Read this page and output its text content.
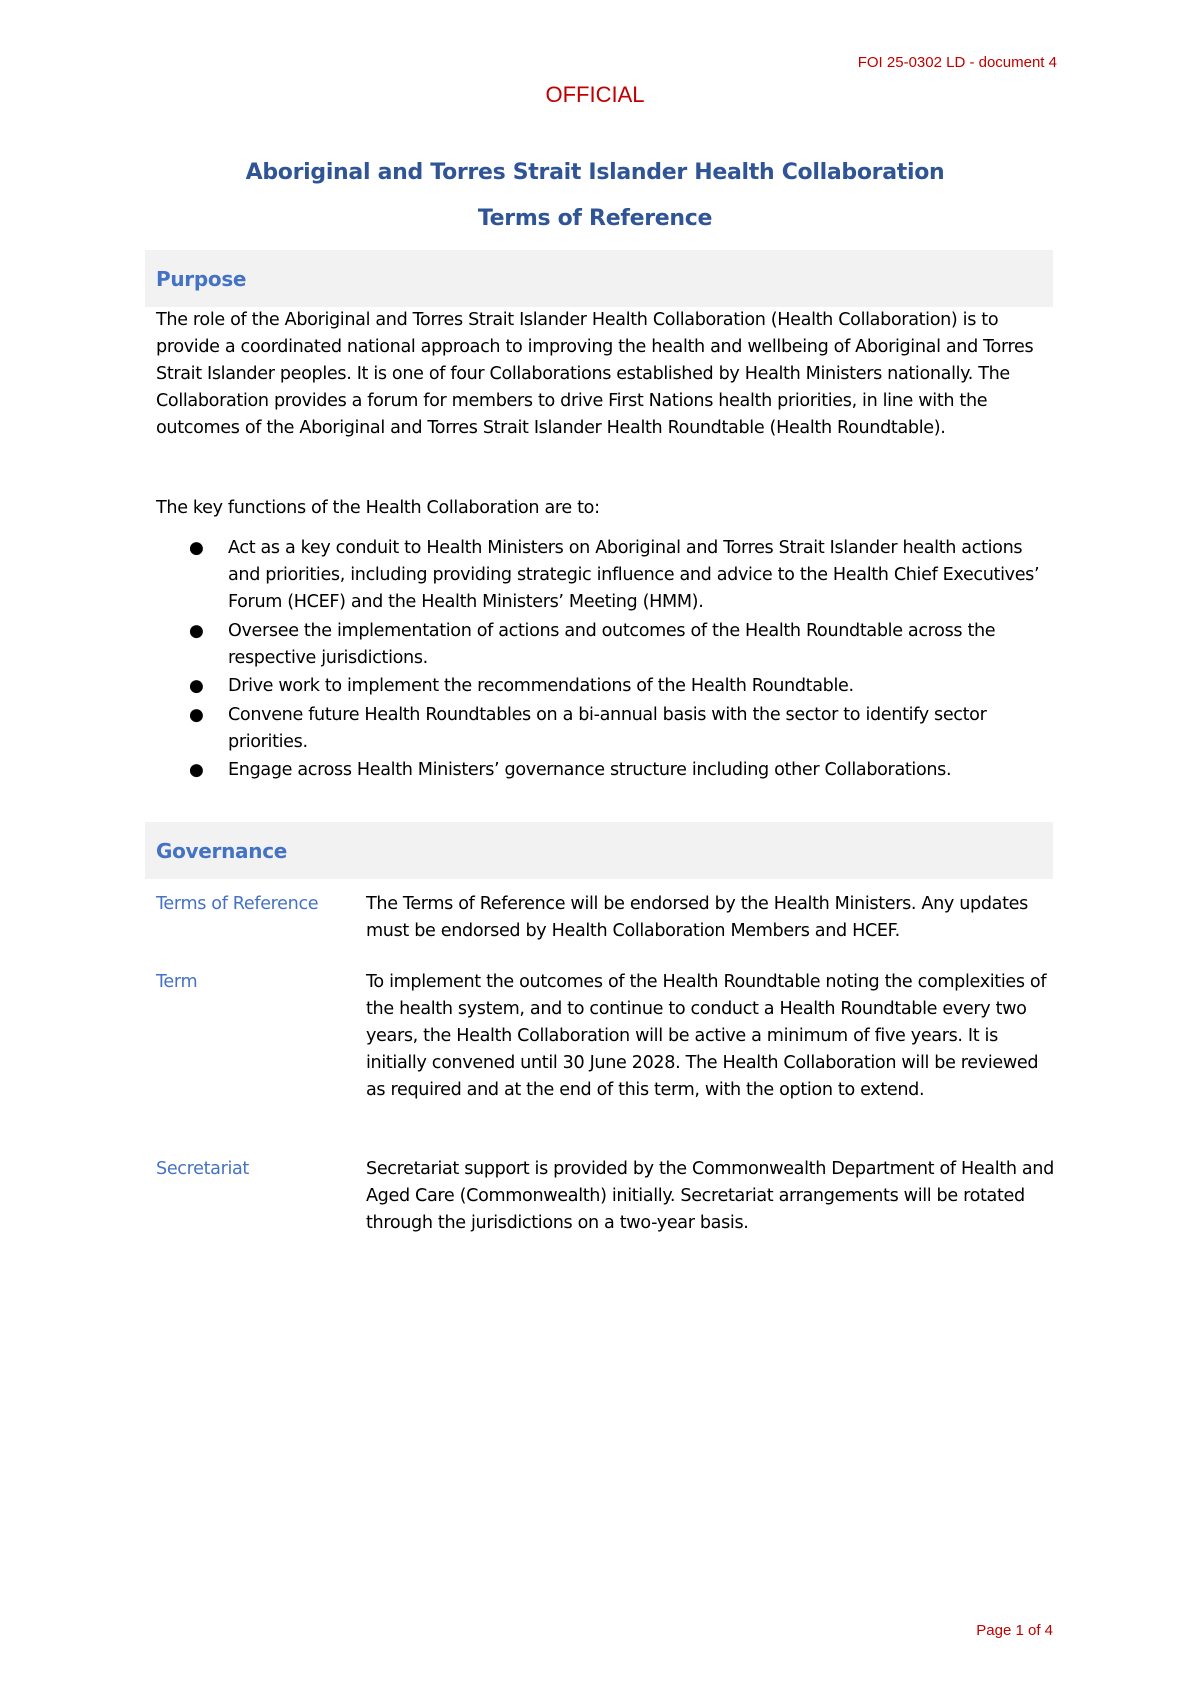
FOI 25-0302 LD - document 4
OFFICIAL
Aboriginal and Torres Strait Islander Health Collaboration
Terms of Reference
Purpose

The role of the Aboriginal and Torres Strait Islander Health Collaboration (Health Collaboration) is to provide a coordinated national approach to improving the health and wellbeing of Aboriginal and Torres Strait Islander peoples. It is one of four Collaborations established by Health Ministers nationally. The Collaboration provides a forum for members to drive First Nations health priorities, in line with the outcomes of the Aboriginal and Torres Strait Islander Health Roundtable (Health Roundtable).

The key functions of the Health Collaboration are to:

● Act as a key conduit to Health Ministers on Aboriginal and Torres Strait Islander health actions and priorities, including providing strategic influence and advice to the Health Chief Executives’ Forum (HCEF) and the Health Ministers’ Meeting (HMM).
● Oversee the implementation of actions and outcomes of the Health Roundtable across the respective jurisdictions.
● Drive work to implement the recommendations of the Health Roundtable.
● Convene future Health Roundtables on a bi-annual basis with the sector to identify sector priorities.
● Engage across Health Ministers’ governance structure including other Collaborations.
Governance
Terms of Reference	The Terms of Reference will be endorsed by the Health Ministers. Any updates must be endorsed by Health Collaboration Members and HCEF.

Term	To implement the outcomes of the Health Roundtable noting the complexities of the health system, and to continue to conduct a Health Roundtable every two years, the Health Collaboration will be active a minimum of five years. It is initially convened until 30 June 2028. The Health Collaboration will be reviewed as required and at the end of this term, with the option to extend.

Secretariat	Secretariat support is provided by the Commonwealth Department of Health and Aged Care (Commonwealth) initially. Secretariat arrangements will be rotated through the jurisdictions on a two-year basis.

Page 1 of 4
